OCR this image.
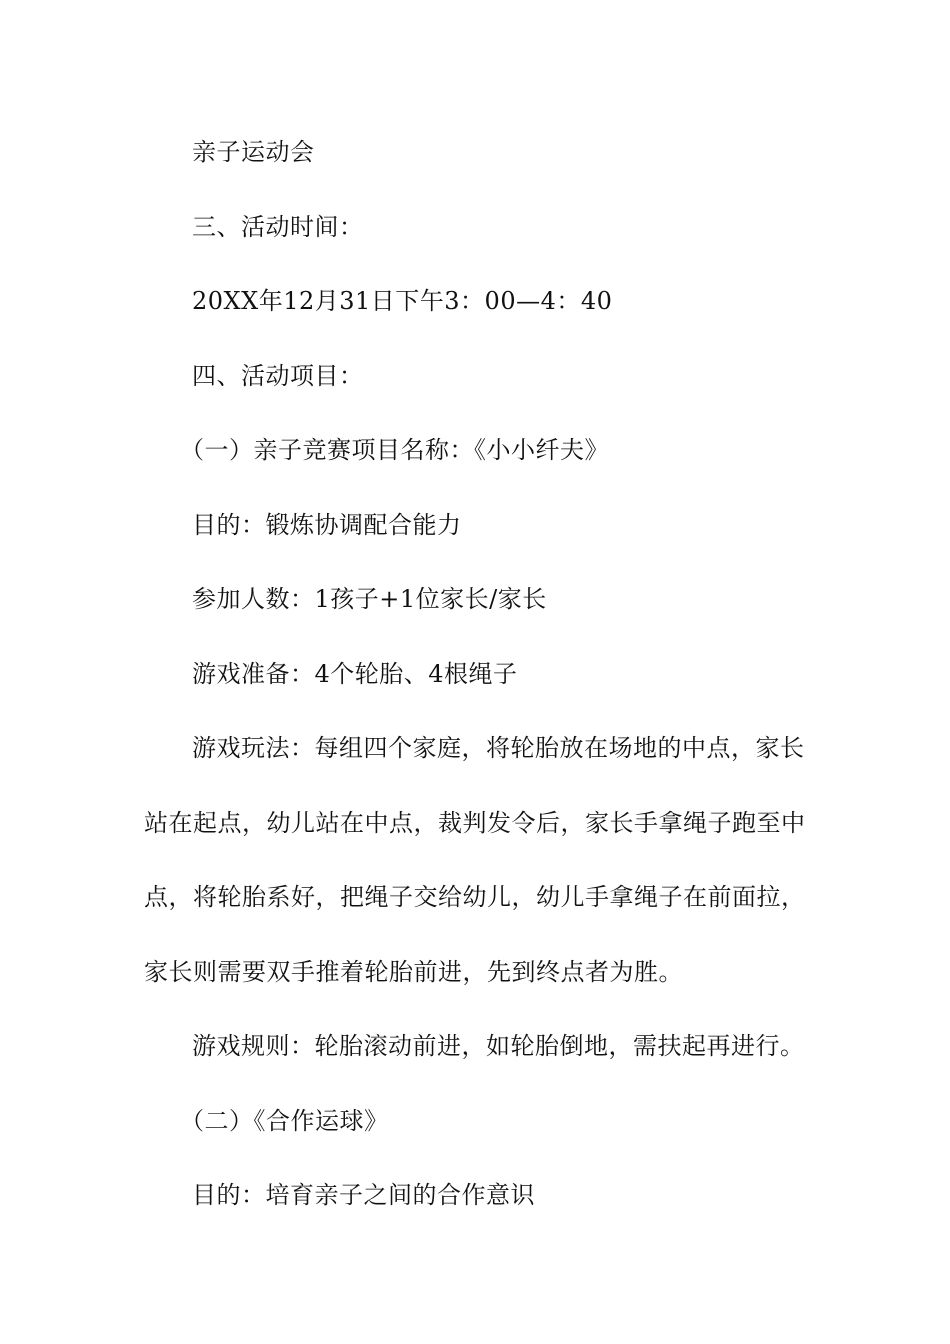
亲子运动会
三、活动时间：
20XX年12月31日下午3：00—4：40
四、活动项目：
（一）亲子竞赛项目名称：《小小纤夫》
目的：锻炼协调配合能力
参加人数：1孩子+1位家长/家长
游戏准备：4个轮胎、4根绳子
游戏玩法：每组四个家庭，将轮胎放在场地的中点，家长
站在起点，幼儿站在中点，裁判发令后，家长手拿绳子跑至中
点，将轮胎系好，把绳子交给幼儿，幼儿手拿绳子在前面拉，
家长则需要双手推着轮胎前进，先到终点者为胜。
游戏规则：轮胎滚动前进，如轮胎倒地，需扶起再进行。
（二）《合作运球》
目的：培育亲子之间的合作意识
